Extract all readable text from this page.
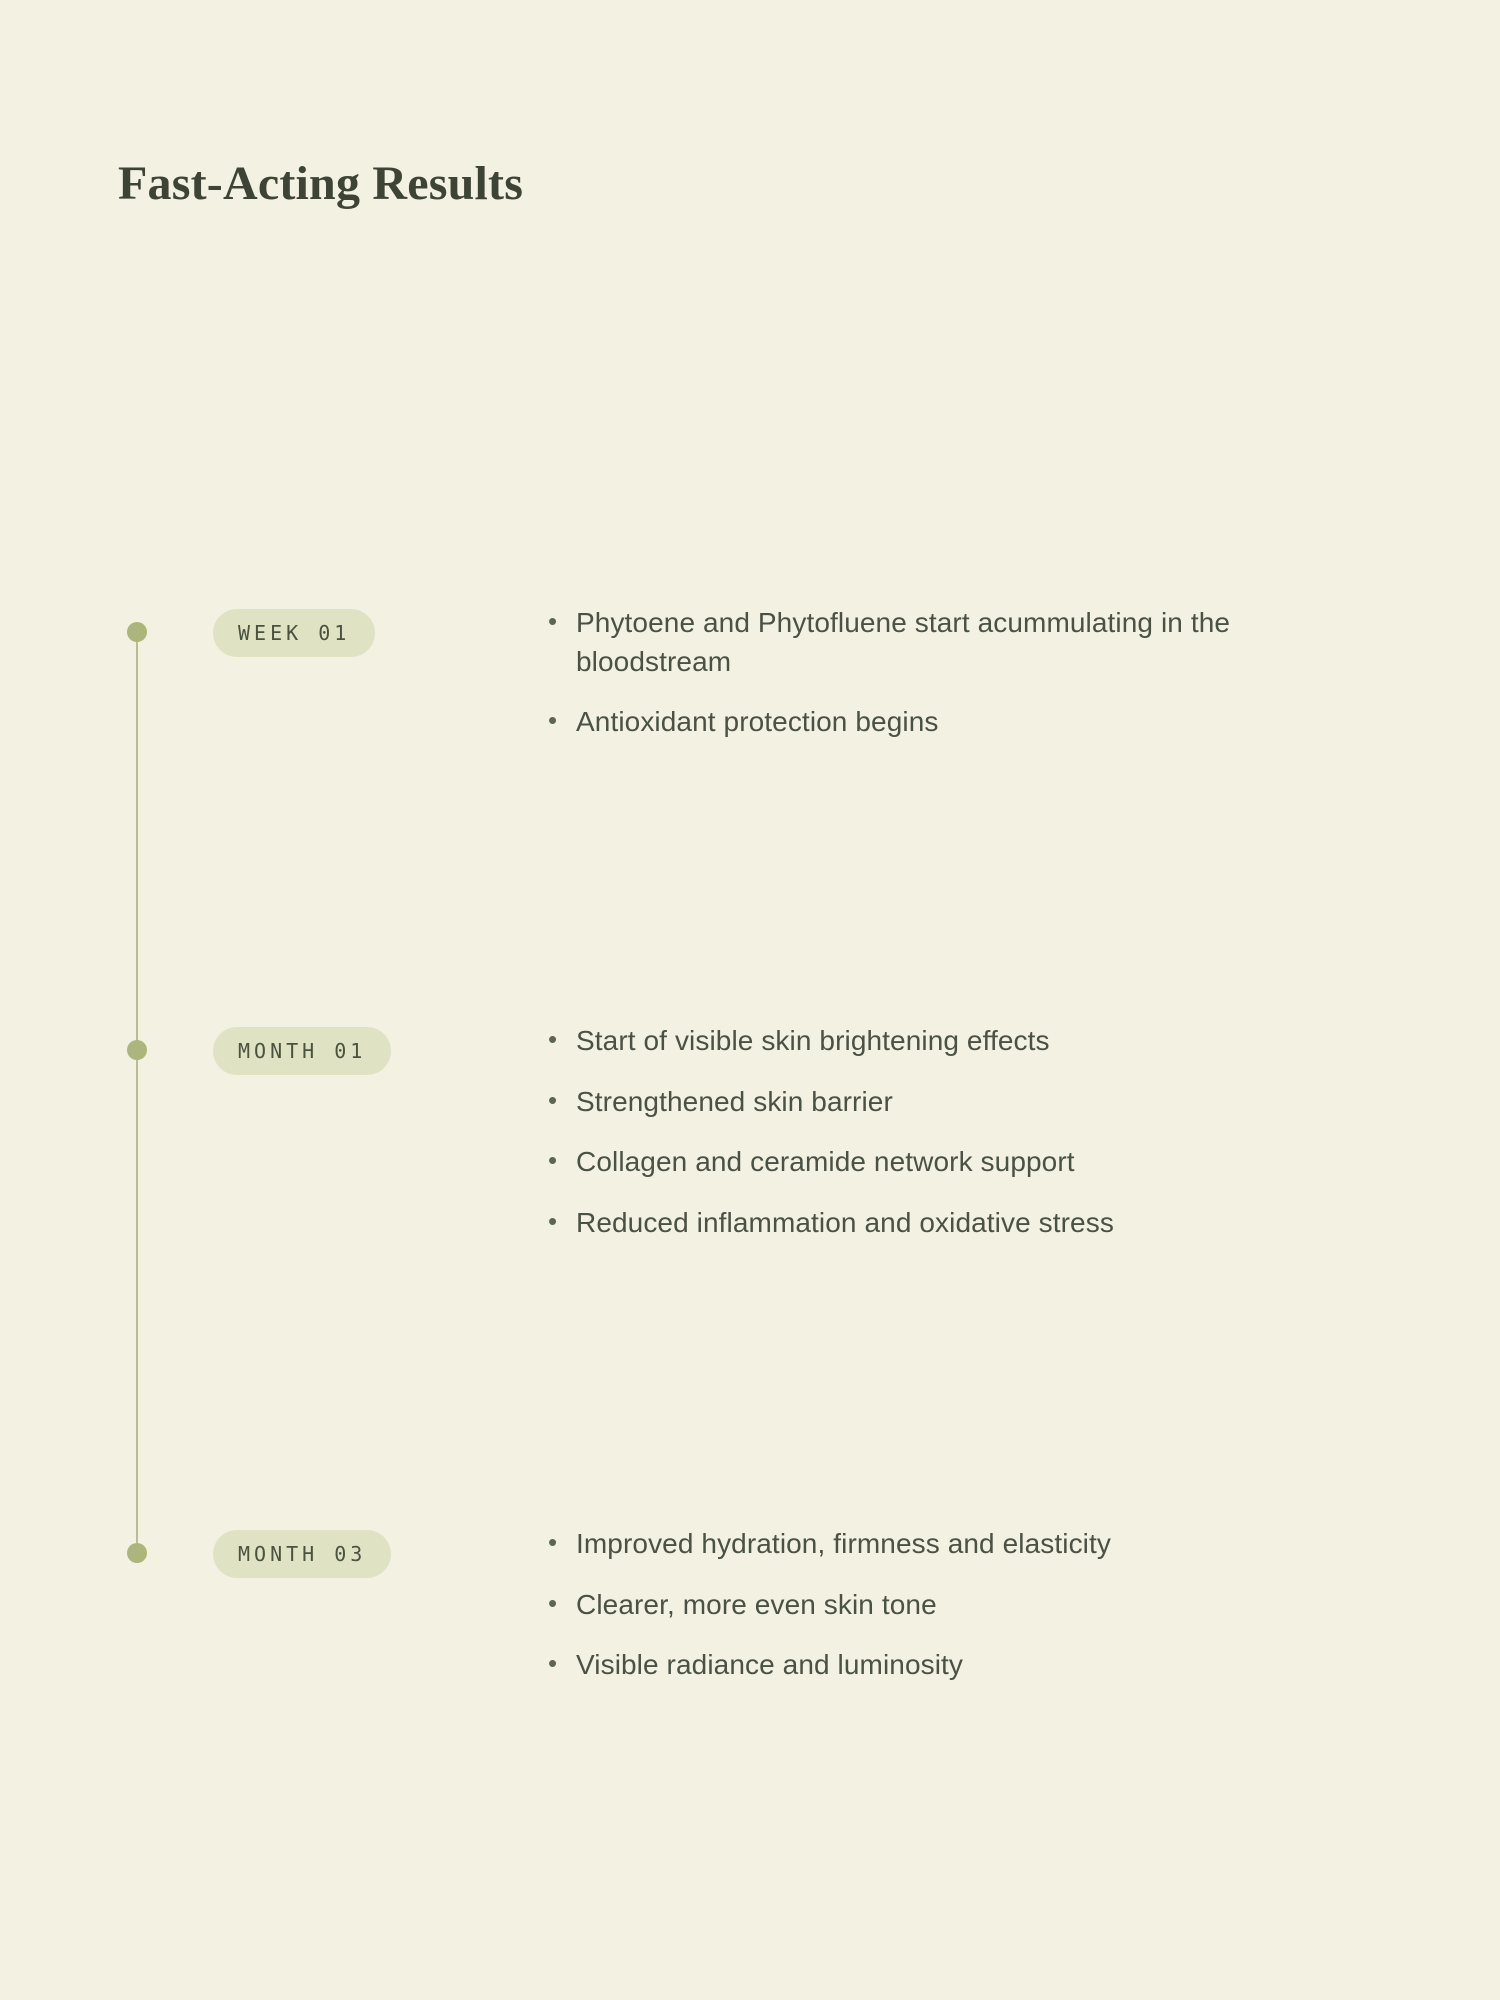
Fast-Acting Results
WEEK 01	• Phytoene and Phytofluene start acummulating in the bloodstream
• Antioxidant protection begins
MONTH 01	• Start of visible skin brightening effects
• Strengthened skin barrier
• Collagen and ceramide network support
• Reduced inflammation and oxidative stress
MONTH 03	• Improved hydration, firmness and elasticity
• Clearer, more even skin tone
• Visible radiance and luminosity
